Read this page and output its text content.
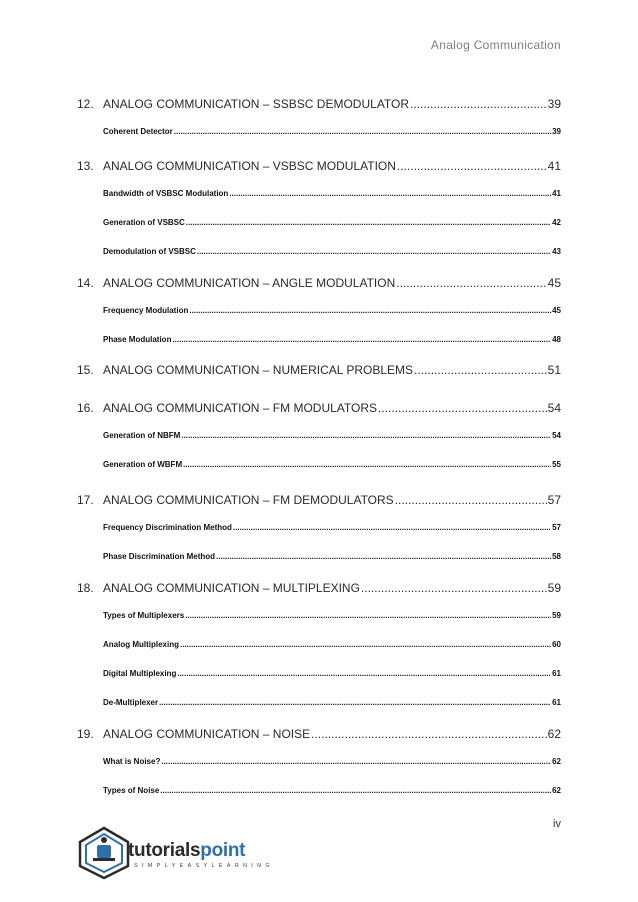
Analog Communication
12. ANALOG COMMUNICATION – SSBSC DEMODULATOR .....	39
Coherent Detector .....	39
13. ANALOG COMMUNICATION – VSBSC MODULATION .....	41
Bandwidth of VSBSC Modulation .....	41
Generation of VSBSC .....	42
Demodulation of VSBSC .....	43
14. ANALOG COMMUNICATION – ANGLE MODULATION .....	45
Frequency Modulation .....	45
Phase Modulation .....	48
15. ANALOG COMMUNICATION – NUMERICAL PROBLEMS .....	51
16. ANALOG COMMUNICATION – FM MODULATORS .....	54
Generation of NBFM .....	54
Generation of WBFM .....	55
17. ANALOG COMMUNICATION – FM DEMODULATORS .....	57
Frequency Discrimination Method .....	57
Phase Discrimination Method .....	58
18. ANALOG COMMUNICATION – MULTIPLEXING .....	59
Types of Multiplexers .....	59
Analog Multiplexing .....	60
Digital Multiplexing .....	61
De-Multiplexer .....	61
19. ANALOG COMMUNICATION – NOISE .....	62
What is Noise? .....	62
Types of Noise .....	62
iv
tutorialspoint
SIMPLYEASYLEARNING
